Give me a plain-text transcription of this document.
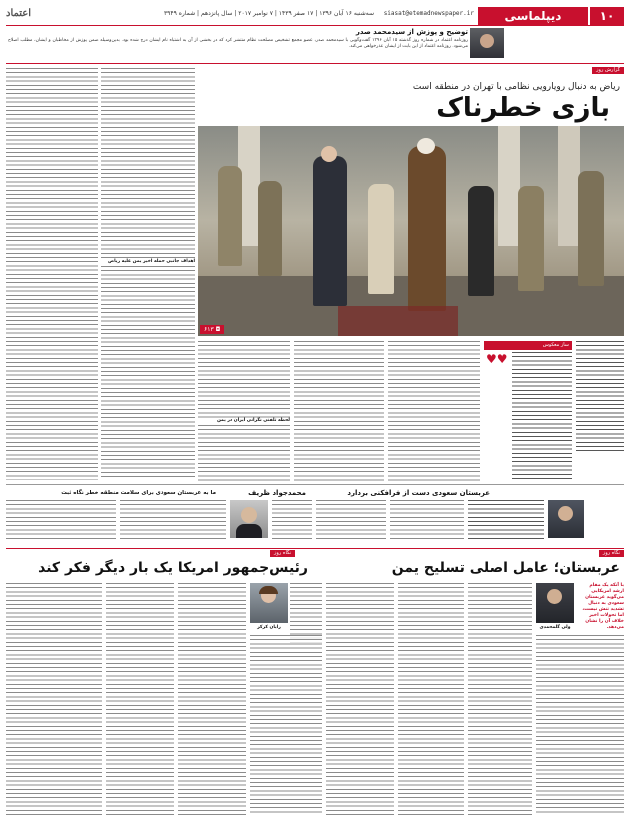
۱۰
دیپلماسی
siasat@etemadnewspaper.ir
سه‌شنبه ۱۶ آبان ۱۳۹۶ | ۱۷ صفر ۱۴۳۹ | ۷ نوامبر ۲۰۱۷ | سال پانزدهم | شماره ۳۹۴۹
اعتماد
توضیح و پوزش از سیدمحمد صدر
روزنامه اعتماد در شماره روز گذشته ۱۵ آبان ۱۳۹۶ گفت‌وگویی با سیدمحمد صدر، عضو مجمع تشخیص مصلحت نظام منتشر کرد که در بخشی از آن به اشتباه نام ایشان درج شده بود. بدین‌وسیله ضمن پوزش از مخاطبان و ایشان، مطلب اصلاح می‌شود. روزنامه اعتماد از این بابت از ایشان عذرخواهی می‌کند.
اهداف جانبی حمله اخیر یمن علیه ریاض
گزارش روز
ریاض به دنبال رویارویی نظامی با تهران در منطقه است
بازی خطرناک
◘ ۶۱۳
لحظه تلفنی نگرانی ایران در یمن
ساز معکوس
♥♥
عربستان سعودی دست از فرافکنی بردارد
ما به عربستان سعودی برای سلامت منطقه خطر نگاه ثبت	محمدجواد ظریف
نگاه روز
نگاه روز
رئیس‌جمهور امریکا یک بار دیگر فکر کند	عربستان؛ عامل اصلی تسلیح یمن
با آنکه یک مقام ارشد امریکایی می‌گوید عربستان سعودی به دنبال تشدید تنش نیست، اما تحولات اخیر خلاف آن را نشان می‌دهد.
ولی گلمحمدی
رایان کرکر
